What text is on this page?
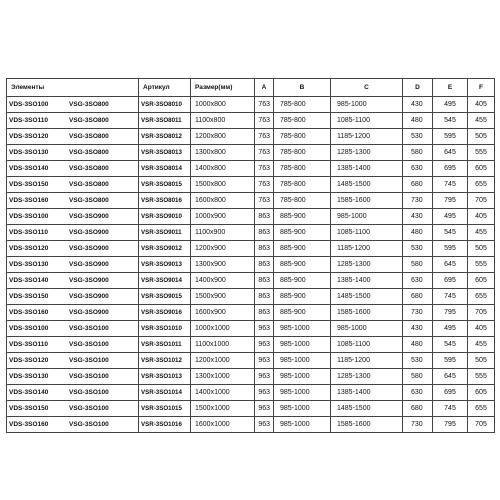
Элементы	Артикул	Размер(мм)	A	B	C	D	E	F
VDS-3SO100 VSG-3SO800	VSR-3SO8010	1000x800	763	785-800	985-1000	430	495	405
VDS-3SO110 VSG-3SO800	VSR-3SO8011	1100x800	763	785-800	1085-1100	480	545	455
VDS-3SO120 VSG-3SO800	VSR-3SO8012	1200x800	763	785-800	1185-1200	530	595	505
VDS-3SO130 VSG-3SO800	VSR-3SO8013	1300x800	763	785-800	1285-1300	580	645	555
VDS-3SO140 VSG-3SO800	VSR-3SO8014	1400x800	763	785-800	1385-1400	630	695	605
VDS-3SO150 VSG-3SO800	VSR-3SO8015	1500x800	763	785-800	1485-1500	680	745	655
VDS-3SO160 VSG-3SO800	VSR-3SO8016	1600x800	763	785-800	1585-1600	730	795	705
VDS-3SO100 VSG-3SO900	VSR-3SO9010	1000x900	863	885-900	985-1000	430	495	405
VDS-3SO110 VSG-3SO900	VSR-3SO9011	1100x900	863	885-900	1085-1100	480	545	455
VDS-3SO120 VSG-3SO900	VSR-3SO9012	1200x900	863	885-900	1185-1200	530	595	505
VDS-3SO130 VSG-3SO900	VSR-3SO9013	1300x900	863	885-900	1285-1300	580	645	555
VDS-3SO140 VSG-3SO900	VSR-3SO9014	1400x900	863	885-900	1385-1400	630	695	605
VDS-3SO150 VSG-3SO900	VSR-3SO9015	1500x900	863	885-900	1485-1500	680	745	655
VDS-3SO160 VSG-3SO900	VSR-3SO9016	1600x900	863	885-900	1585-1600	730	795	705
VDS-3SO100 VSG-3SO100	VSR-3SO1010	1000x1000	963	985-1000	985-1000	430	495	405
VDS-3SO110 VSG-3SO100	VSR-3SO1011	1100x1000	963	985-1000	1085-1100	480	545	455
VDS-3SO120 VSG-3SO100	VSR-3SO1012	1200x1000	963	985-1000	1185-1200	530	595	505
VDS-3SO130 VSG-3SO100	VSR-3SO1013	1300x1000	963	985-1000	1285-1300	580	645	555
VDS-3SO140 VSG-3SO100	VSR-3SO1014	1400x1000	963	985-1000	1385-1400	630	695	605
VDS-3SO150 VSG-3SO100	VSR-3SO1015	1500x1000	963	985-1000	1485-1500	680	745	655
VDS-3SO160 VSG-3SO100	VSR-3SO1016	1600x1000	963	985-1000	1585-1600	730	795	705
